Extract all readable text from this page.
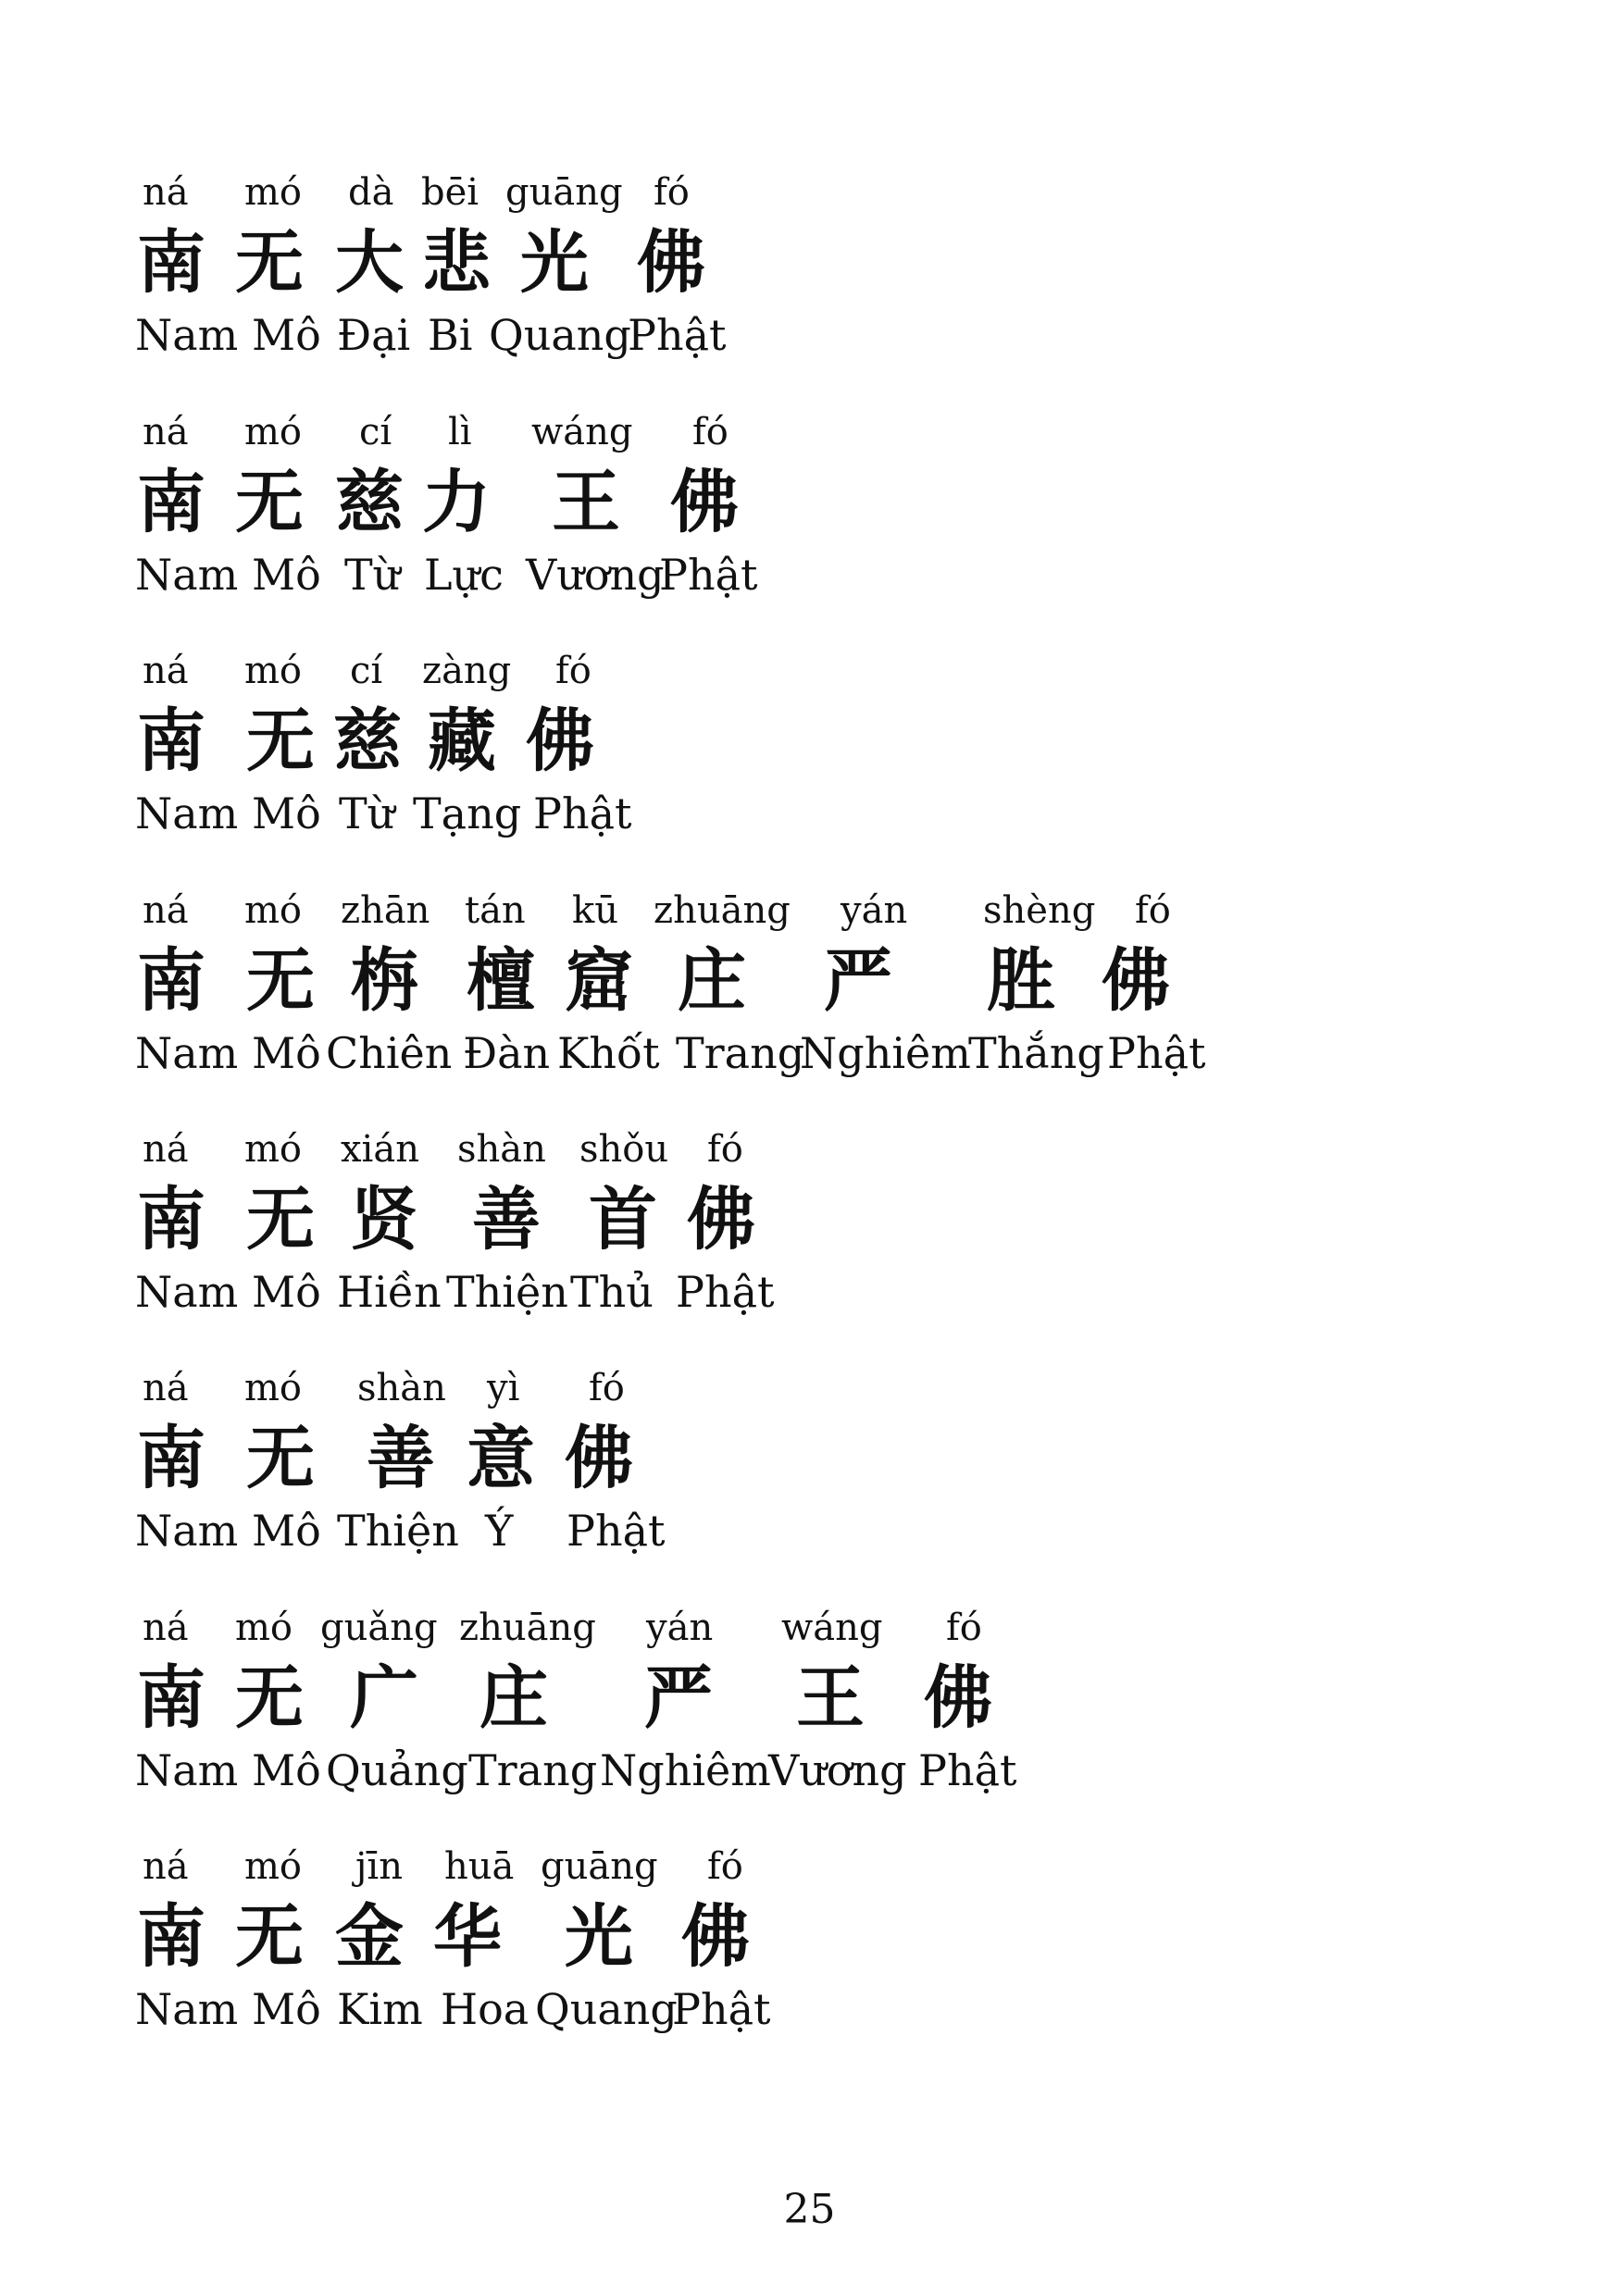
ná mó dà bēi guāng fó
南 无 大 悲 光 佛
Nam Mô Đại Bi Quang
Phật
ná mó cí lì wáng fó
南 无 慈 力 王 佛
Nam Mô Từ Lực Vương
Phật
ná mó cí zàng fó
南 无 慈 藏 佛
Nam Mô Từ Tạng Phật
ná mó zhān tán kū zhuāng yán shèng fó
南 无 栴 檀 窟 庄 严 胜 佛
Nam Mô Chiên Đàn Khốt Trang
Nghiêm
Thắng Phật
ná mó xián shàn shǒu fó
南 无 贤 善 首 佛
Nam Mô Hiền Thiện Thủ Phật
ná mó shàn yì fó
南 无 善 意 佛
Nam Mô Thiện Ý Phật
ná mó guǎng zhuāng yán wáng fó
南 无 广 庄 严 王 佛
Nam Mô Quảng Trang Nghiêm
Vương Phật
ná mó jīn huā guāng fó
南 无 金 华 光 佛
Nam Mô Kim Hoa Quang
Phật
25
